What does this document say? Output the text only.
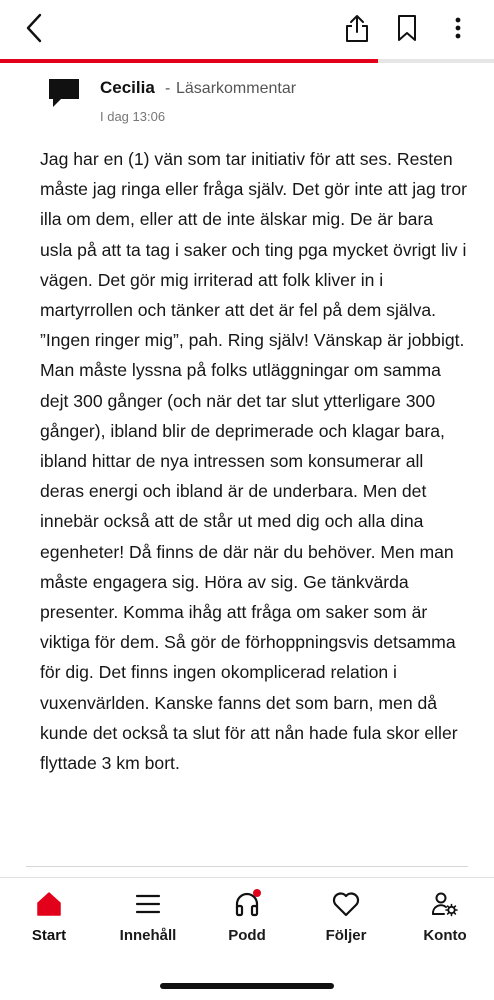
Cecilia - Läsarkommentar
I dag 13:06

Jag har en (1) vän som tar initiativ för att ses. Resten måste jag ringa eller fråga själv. Det gör inte att jag tror illa om dem, eller att de inte älskar mig. De är bara usla på att ta tag i saker och ting pga mycket övrigt liv i vägen. Det gör mig irriterad att folk kliver in i martyrrollen och tänker att det är fel på dem själva. ”Ingen ringer mig”, pah. Ring själv! Vänskap är jobbigt. Man måste lyssna på folks utläggningar om samma dejt 300 gånger (och när det tar slut ytterligare 300 gånger), ibland blir de deprimerade och klagar bara, ibland hittar de nya intressen som konsumerar all deras energi och ibland är de underbara. Men det innebär också att de står ut med dig och alla dina egenheter! Då finns de där när du behöver. Men man måste engagera sig. Höra av sig. Ge tänkvärda presenter. Komma ihåg att fråga om saker som är viktiga för dem. Så gör de förhoppningsvis detsamma för dig. Det finns ingen okomplicerad relation i vuxenvärlden. Kanske fanns det som barn, men då kunde det också ta slut för att nån hade fula skor eller flyttade 3 km bort.

Start	Innehåll	Podd	Följer	Konto
